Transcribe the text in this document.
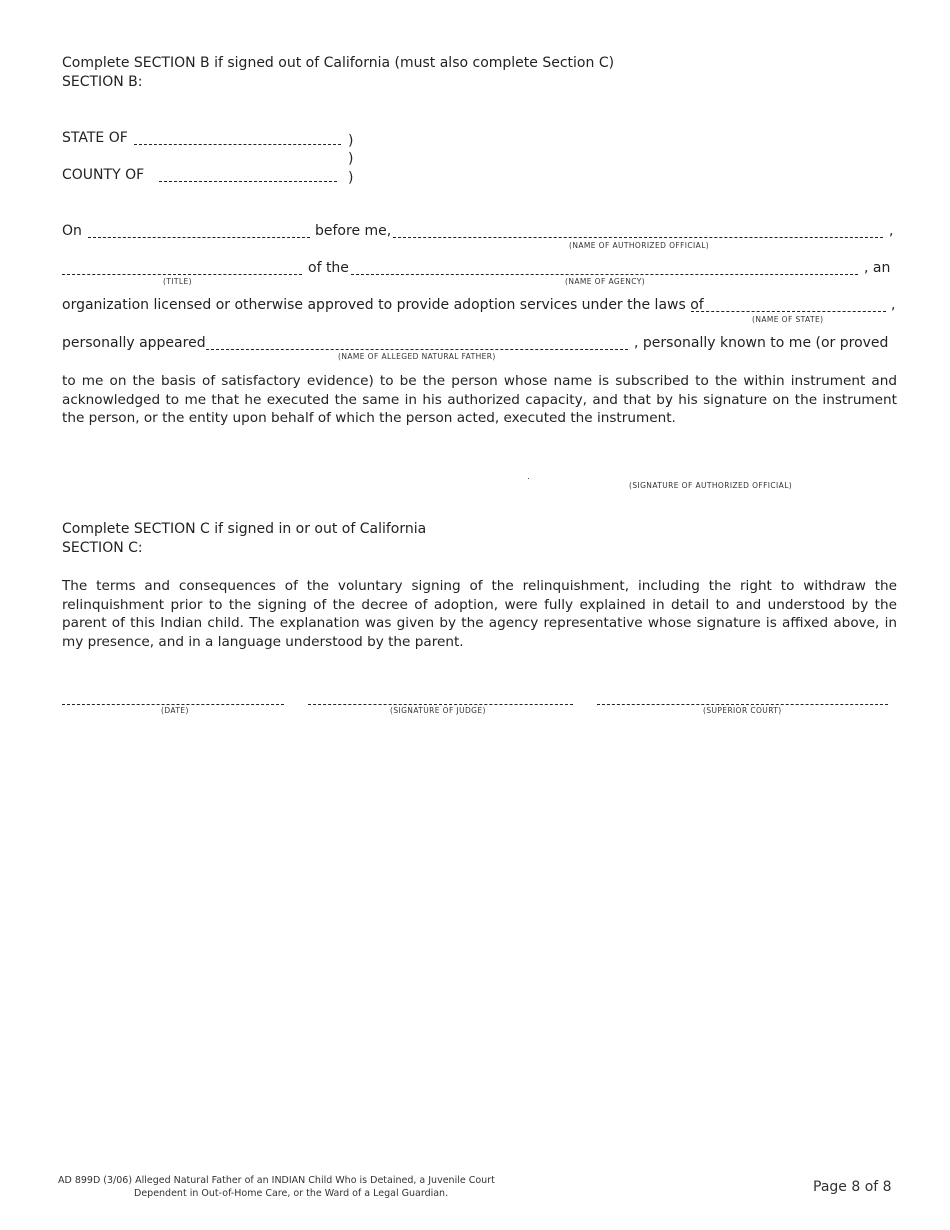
Complete SECTION B if signed out of California (must also complete Section C)
SECTION B:
STATE OF
COUNTY OF
)
)
)
On	before me,	,
(NAME OF AUTHORIZED OFFICIAL)
of the	, an
(TITLE)	(NAME OF AGENCY)
organization licensed or otherwise approved to provide adoption services under the laws of	,
(NAME OF STATE)
personally appeared	, personally known to me (or proved
(NAME OF ALLEGED NATURAL FATHER)
to me on the basis of satisfactory evidence) to be the person whose name is subscribed to the within instrument and acknowledged to me that he executed the same in his authorized capacity, and that by his signature on the instrument the person, or the entity upon behalf of which the person acted, executed the instrument.
(SIGNATURE OF AUTHORIZED OFFICIAL)
Complete SECTION C if signed in or out of California
SECTION C:
The terms and consequences of the voluntary signing of the relinquishment, including the right to withdraw the relinquishment prior to the signing of the decree of adoption, were fully explained in detail to and understood by the parent of this Indian child. The explanation was given by the agency representative whose signature is affixed above, in my presence, and in a language understood by the parent.
(DATE)	(SIGNATURE OF JUDGE)	(SUPERIOR COURT)
AD 899D (3/06) Alleged Natural Father of an INDIAN Child Who is Detained, a Juvenile Court
Dependent in Out-of-Home Care, or the Ward of a Legal Guardian.	Page 8 of 8
